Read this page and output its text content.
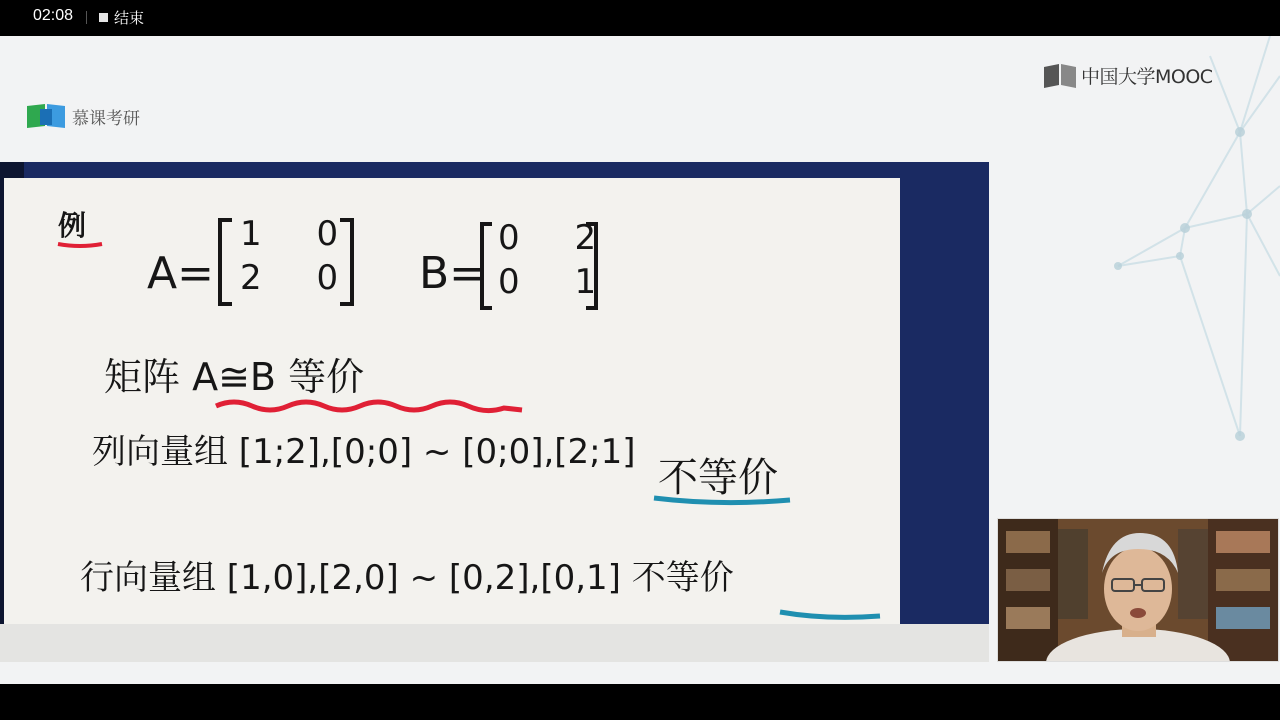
02:08	结束
中国大学MOOC
慕课考研
例
A=
1 0
2 0 B=
0 2
0 1
矩阵 A≅B 等价
列向量组 [1;2],[0;0] ~ [0;0],[2;1]
不等价
行向量组 [1,0],[2,0] ~ [0,2],[0,1] 不等价
